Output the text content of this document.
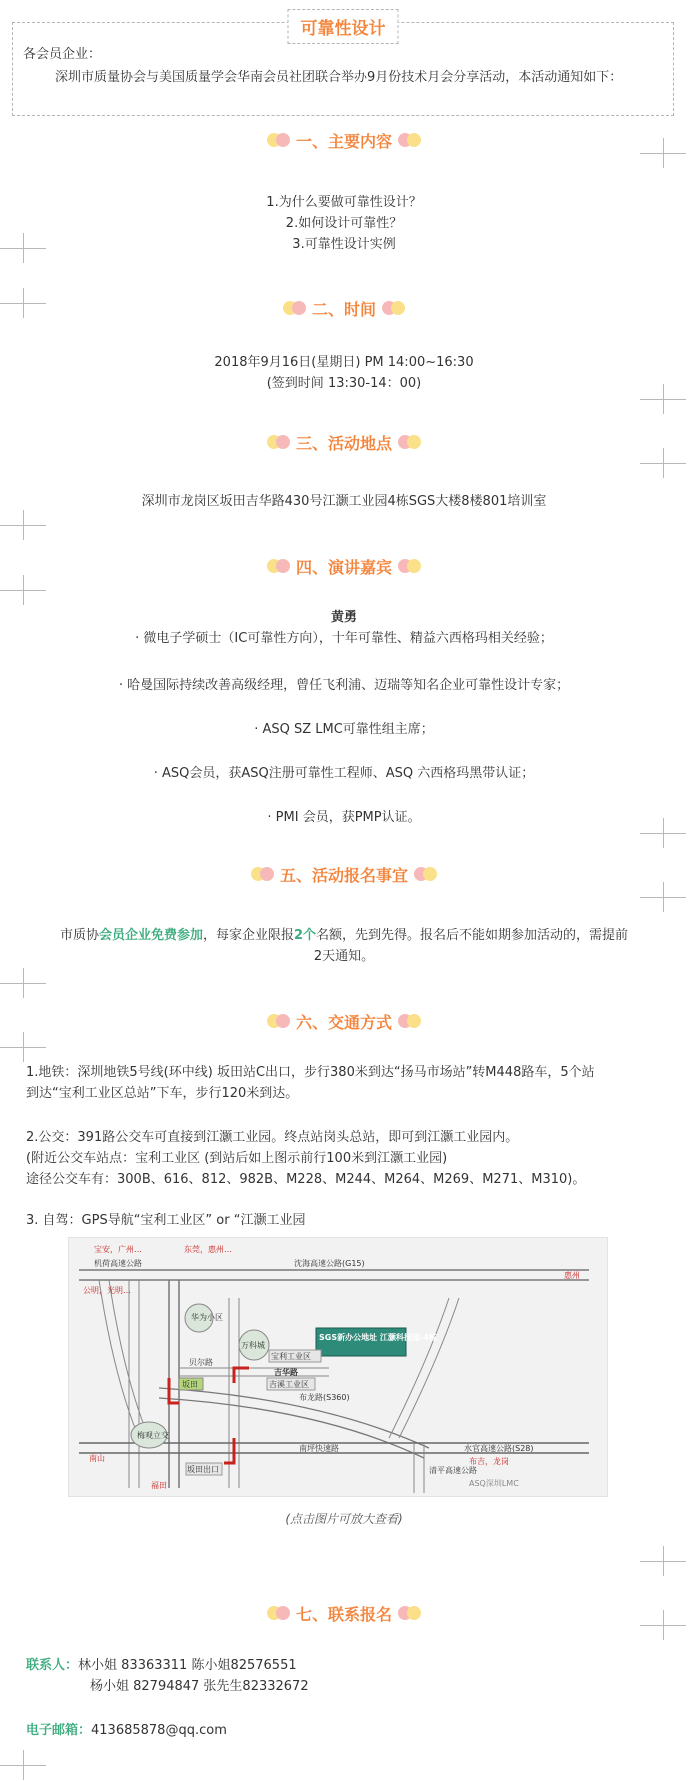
可靠性设计
各会员企业：
深圳市质量协会与美国质量学会华南会员社团联合举办9月份技术月会分享活动，本活动通知如下：
一、主要内容
1.为什么要做可靠性设计？
2.如何设计可靠性？
3.可靠性设计实例
二、时间
2018年9月16日(星期日) PM 14:00~16:30
(签到时间 13:30-14：00)
三、活动地点
深圳市龙岗区坂田吉华路430号江灏工业园4栋SGS大楼8楼801培训室
四、演讲嘉宾
黄勇
· 微电子学硕士（IC可靠性方向），十年可靠性、精益六西格玛相关经验；
· 哈曼国际持续改善高级经理，曾任飞利浦、迈瑞等知名企业可靠性设计专家；
· ASQ SZ LMC可靠性组主席；
· ASQ会员，获ASQ注册可靠性工程师、ASQ 六西格玛黑带认证；
· PMI 会员，获PMP认证。
五、活动报名事宜
市质协会员企业免费参加，每家企业限报2个名额，先到先得。报名后不能如期参加活动的，需提前
2天通知。
六、交通方式
1.地铁：深圳地铁5号线(环中线) 坂田站C出口，步行380米到达“扬马市场站”转M448路车，5个站
到达“宝利工业区总站”下车，步行120米到达。
2.公交：391路公交车可直接到江灏工业园。终点站岗头总站，即可到江灏工业园内。
(附近公交车站点：宝利工业区 (到站后如上图示前行100米到江灏工业园)
途径公交车有：300B、616、812、982B、M228、M244、M264、M269、M271、M310)。
3. 自驾：GPS导航“宝利工业区” or “江灏工业园
宝安，广州…	东莞，惠州…
机荷高速公路	沈海高速公路(G15)
惠州
公明，光明…
华为小区
万科城
SGS新办公地址 江灏科技园-4栋
宝利工业区
贝尔路
吉华路
吉溪工业区
坂田
布龙路(S360)
梅观立交
坂田出口
南坪快速路	水官高速公路(S28)
布吉，龙岗
南山
福田
清平高速公路
ASQ深圳LMC
(点击图片可放大查看)
七、联系报名
联系人：林小姐 83363311 陈小姐82576551
杨小姐 82794847 张先生82332672
电子邮箱：413685878@qq.com
